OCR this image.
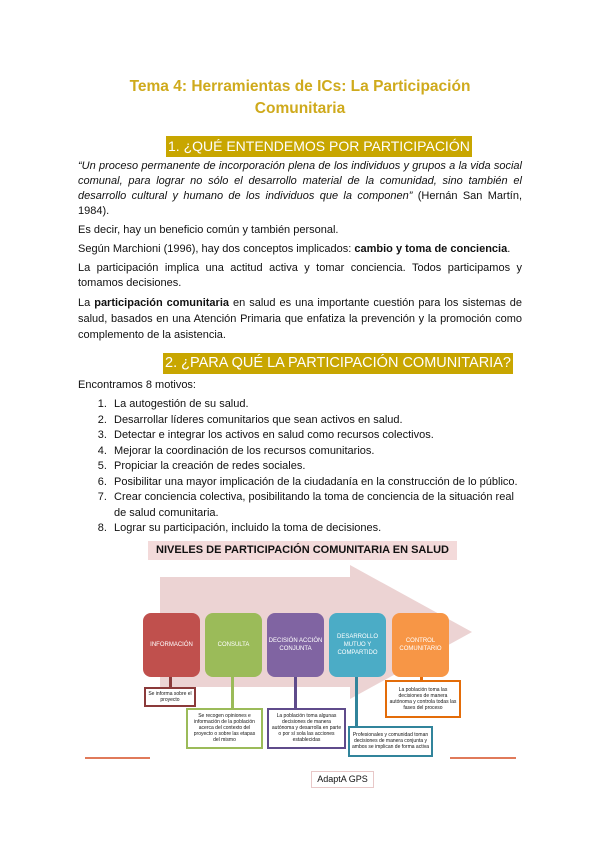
Tema 4: Herramientas de ICs: La Participación
Comunitaria
1. ¿QUÉ ENTENDEMOS POR PARTICIPACIÓN
“Un proceso permanente de incorporación plena de los individuos y grupos a la vida social comunal, para lograr no sólo el desarrollo material de la comunidad, sino también el desarrollo cultural y humano de los individuos que la componen” (Hernán San Martín, 1984).
Es decir, hay un beneficio común y también personal.
Según Marchioni (1996), hay dos conceptos implicados: cambio y toma de conciencia.
La participación implica una actitud activa y tomar conciencia. Todos participamos y tomamos decisiones.
La participación comunitaria en salud es una importante cuestión para los sistemas de salud, basados en una Atención Primaria que enfatiza la prevención y la promoción como complemento de la asistencia.
2. ¿PARA QUÉ LA PARTICIPACIÓN COMUNITARIA?
Encontramos 8 motivos:
1. La autogestión de su salud.
2. Desarrollar líderes comunitarios que sean activos en salud.
3. Detectar e integrar los activos en salud como recursos colectivos.
4. Mejorar la coordinación de los recursos comunitarios.
5. Propiciar la creación de redes sociales.
6. Posibilitar una mayor implicación de la ciudadanía en la construcción de lo público.
7. Crear conciencia colectiva, posibilitando la toma de conciencia de la situación real de salud comunitaria.
8. Lograr su participación, incluido la toma de decisiones.
NIVELES DE PARTICIPACIÓN COMUNITARIA EN SALUD
INFORMACIÓN	CONSULTA
DECISIÓN ACCIÓN CONJUNTA
DESARROLLO MUTUO Y COMPARTIDO
CONTROL COMUNITARIO
Se informa sobre el proyecto
Se recogen opiniones e información de la población acerca del contexto del proyecto o sobre las etapas del mismo
La población toma algunas decisiones de manera autónoma y desarrolla en parte o por sí sola las acciones establecidas
Profesionales y comunidad toman decisiones de manera conjunta y ambos se implican de forma activa
La población toma las decisiones de manera autónoma y controla todas las fases del proceso
AdaptA GPS
